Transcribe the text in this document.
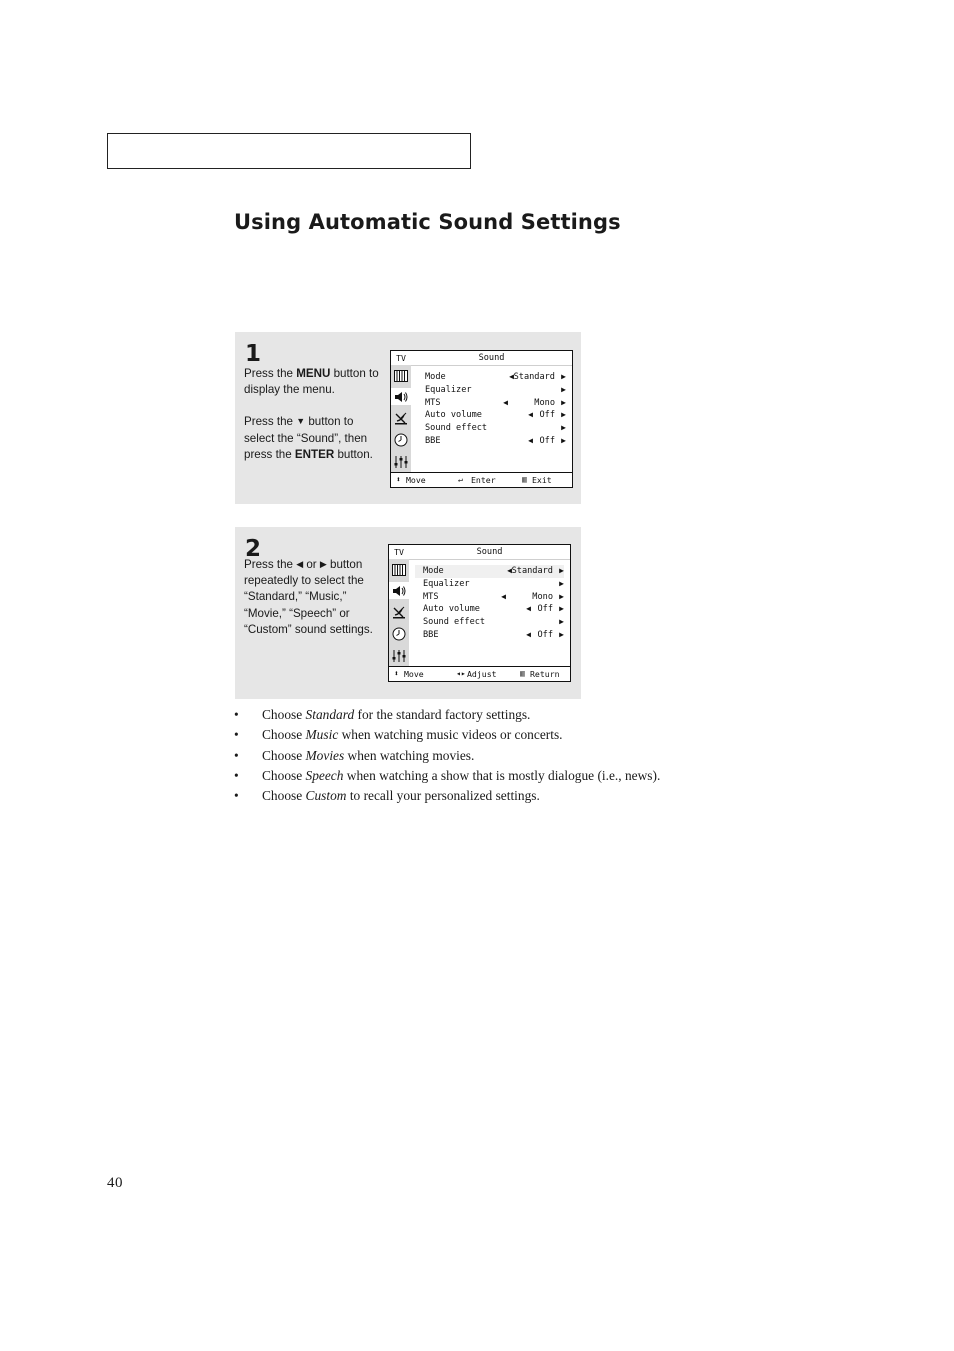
Using Automatic Sound Settings
1

Press the MENU button to display the menu.

Press the ▼ button to select the “Sound”, then press the ENTER button.

TV	Sound
Mode	◀ Standard ▶
Equalizer	▶
MTS	◀	Mono ▶
Auto volume	◀ Off ▶
Sound effect	▶
BBE	◀ Off ▶
⬍ Move	↵ Enter	▥ Exit
2

Press the ◀ or ▶ button repeatedly to select the “Standard,” “Music,” “Movie,” “Speech” or “Custom” sound settings.

TV	Sound
Mode	◀ Standard ▶
Equalizer	▶
MTS	◀	Mono ▶
Auto volume	◀ Off ▶
Sound effect	▶
BBE	◀ Off ▶
⬍ Move	◂▸ Adjust	▥ Return
• Choose Standard for the standard factory settings.
• Choose Music when watching music videos or concerts.
• Choose Movies when watching movies.
• Choose Speech when watching a show that is mostly dialogue (i.e., news).
• Choose Custom to recall your personalized settings.
40
